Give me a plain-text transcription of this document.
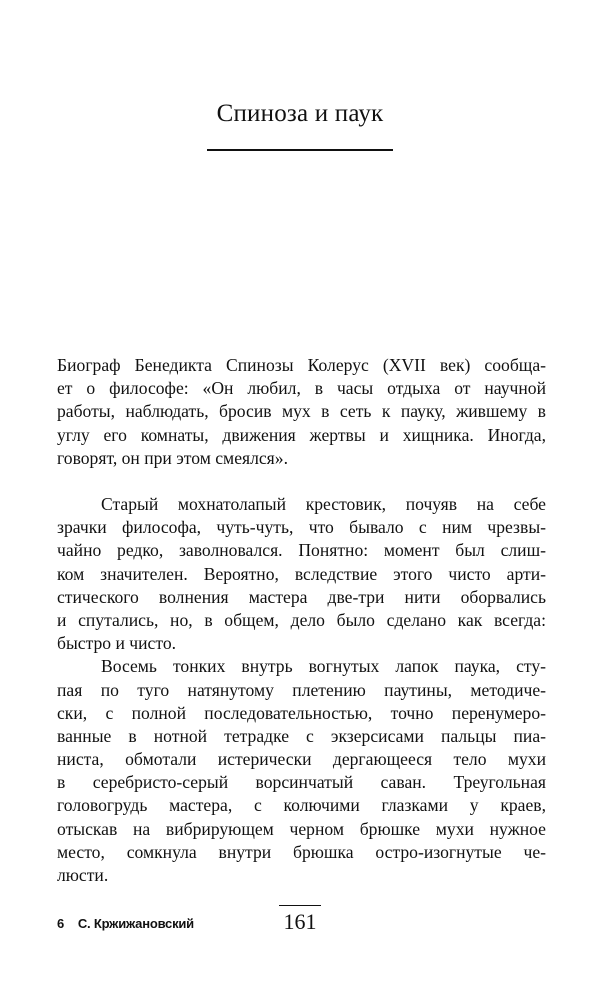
Спиноза и паук
Биограф Бенедикта Спинозы Колерус (XVII век) сообща-
ет о философе: «Он любил, в часы отдыха от научной
работы, наблюдать, бросив мух в сеть к пауку, жившему в
углу его комнаты, движения жертвы и хищника. Иногда,
говорят, он при этом смеялся».
Старый мохнатолапый крестовик, почуяв на себе
зрачки философа, чуть-чуть, что бывало с ним чрезвы-
чайно редко, заволновался. Понятно: момент был слиш-
ком значителен. Вероятно, вследствие этого чисто арти-
стического волнения мастера две-три нити оборвались
и спутались, но, в общем, дело было сделано как всегда:
быстро и чисто.
Восемь тонких внутрь вогнутых лапок паука, сту-
пая по туго натянутому плетению паутины, методиче-
ски, с полной последовательностью, точно перенумеро-
ванные в нотной тетрадке с экзерсисами пальцы пиа-
ниста, обмотали истерически дергающееся тело мухи
в серебристо-серый ворсинчатый саван. Треугольная
головогрудь мастера, с колючими глазками у краев,
отыскав на вибрирующем черном брюшке мухи нужное
место, сомкнула внутри брюшка остро-изогнутые че-
люсти.
6 С. Кржижановский	161
